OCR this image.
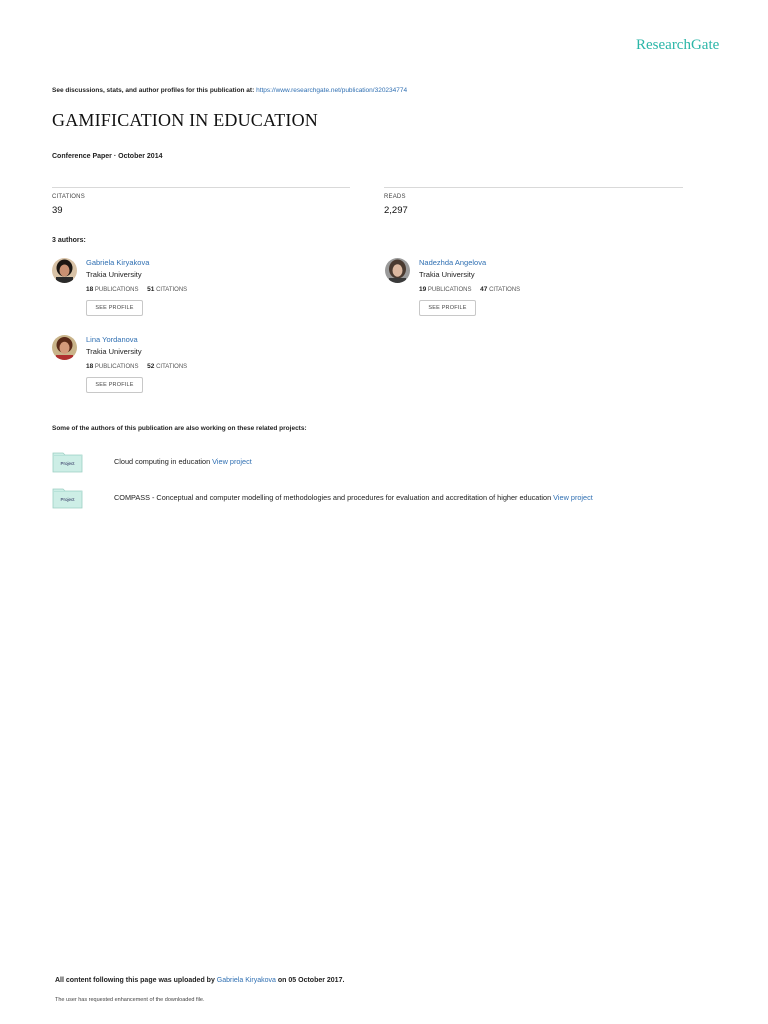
ResearchGate
See discussions, stats, and author profiles for this publication at: https://www.researchgate.net/publication/320234774
GAMIFICATION IN EDUCATION
Conference Paper · October 2014
CITATIONS
39
READS
2,297
3 authors:
Gabriela Kiryakova
Trakia University
18 PUBLICATIONS 51 CITATIONS
SEE PROFILE
Nadezhda Angelova
Trakia University
19 PUBLICATIONS 47 CITATIONS
SEE PROFILE
Lina Yordanova
Trakia University
18 PUBLICATIONS 52 CITATIONS
SEE PROFILE
Some of the authors of this publication are also working on these related projects:
Project	Cloud computing in education View project
Project	COMPASS - Conceptual and computer modelling of methodologies and procedures for evaluation and accreditation of higher education View project
All content following this page was uploaded by Gabriela Kiryakova on 05 October 2017.
The user has requested enhancement of the downloaded file.
